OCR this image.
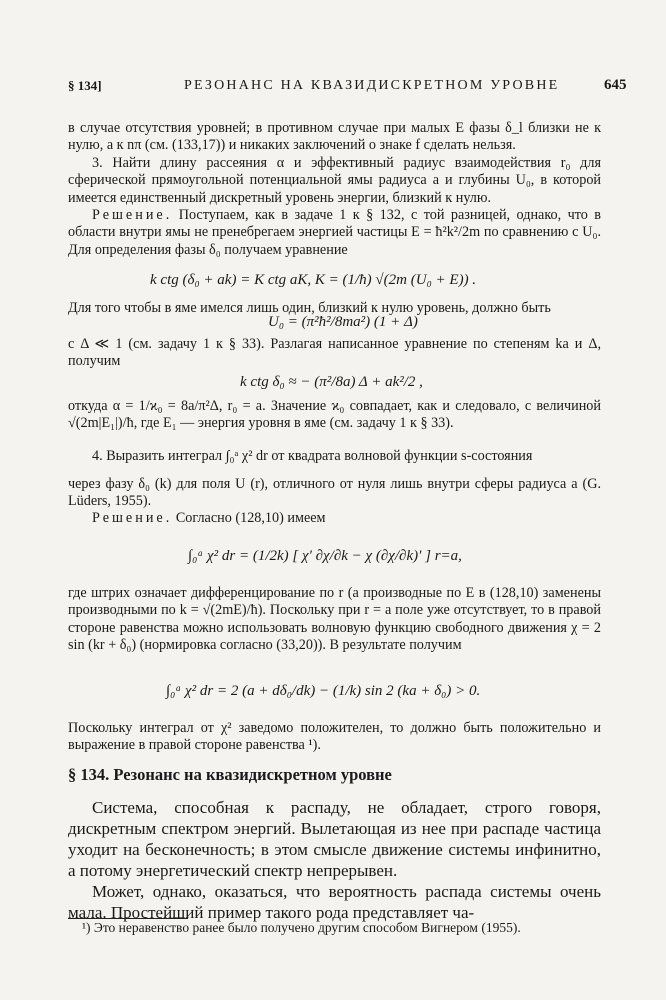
§ 134]	РЕЗОНАНС НА КВАЗИДИСКРЕТНОМ УРОВНЕ	645

в случае отсутствия уровней; в противном случае при малых E фазы δ_l близки не к нулю, а к nπ (см. (133,17)) и никаких заключений о знаке f сделать нельзя.

3. Найти длину рассеяния α и эффективный радиус взаимодействия r₀ для сферической прямоугольной потенциальной ямы радиуса a и глубины U₀, в которой имеется единственный дискретный уровень энергии, близкий к нулю.

Решение. Поступаем, как в задаче 1 к § 132, с той разницей, однако, что в области внутри ямы не пренебрегаем энергией частицы E = ħ²k²/2m по сравнению с U₀. Для определения фазы δ₀ получаем уравнение

k ctg (δ₀ + ak) = K ctg aK, K = (1/ħ) √(2m (U₀ + E)) .
Для того чтобы в яме имелся лишь один, близкий к нулю уровень, должно быть
U₀ = (π²ħ²/8ma²) (1 + Δ)
с Δ ≪ 1 (см. задачу 1 к § 33). Разлагая написанное уравнение по степеням ka и Δ, получим
k ctg δ₀ ≈ − (π²/8a) Δ + ak²/2 ,
откуда α = 1/ϰ₀ = 8a/π²Δ, r₀ = a. Значение ϰ₀ совпадает, как и следовало, с величиной √(2m|E₁|)/ħ, где E₁ — энергия уровня в яме (см. задачу 1 к § 33).

4. Выразить интеграл ∫₀ᵃ χ² dr от квадрата волновой функции s-состояния

через фазу δ₀ (k) для поля U (r), отличного от нуля лишь внутри сферы радиуса a (G. Lüders, 1955).

Решение. Согласно (128,10) имеем

∫₀ᵃ χ² dr = (1/2k) [ χ′ ∂χ/∂k − χ (∂χ/∂k)′ ] r=a,
где штрих означает дифференцирование по r (а производные по E в (128,10) заменены производными по k = √(2mE)/ħ). Поскольку при r = a поле уже отсутствует, то в правой стороне равенства можно использовать волновую функцию свободного движения χ = 2 sin (kr + δ₀) (нормировка согласно (33,20)). В результате получим
∫₀ᵃ χ² dr = 2 (a + dδ₀/dk) − (1/k) sin 2 (ka + δ₀) > 0.
Поскольку интеграл от χ² заведомо положителен, то должно быть положительно и выражение в правой стороне равенства ¹).
§ 134. Резонанс на квазидискретном уровне

Система, способная к распаду, не обладает, строго говоря, дискретным спектром энергий. Вылетающая из нее при распаде частица уходит на бесконечность; в этом смысле движение системы инфинитно, а потому энергетический спектр непрерывен.

Может, однако, оказаться, что вероятность распада системы очень мала. Простейший пример такого рода представляет ча-

¹) Это неравенство ранее было получено другим способом Вигнером (1955).
